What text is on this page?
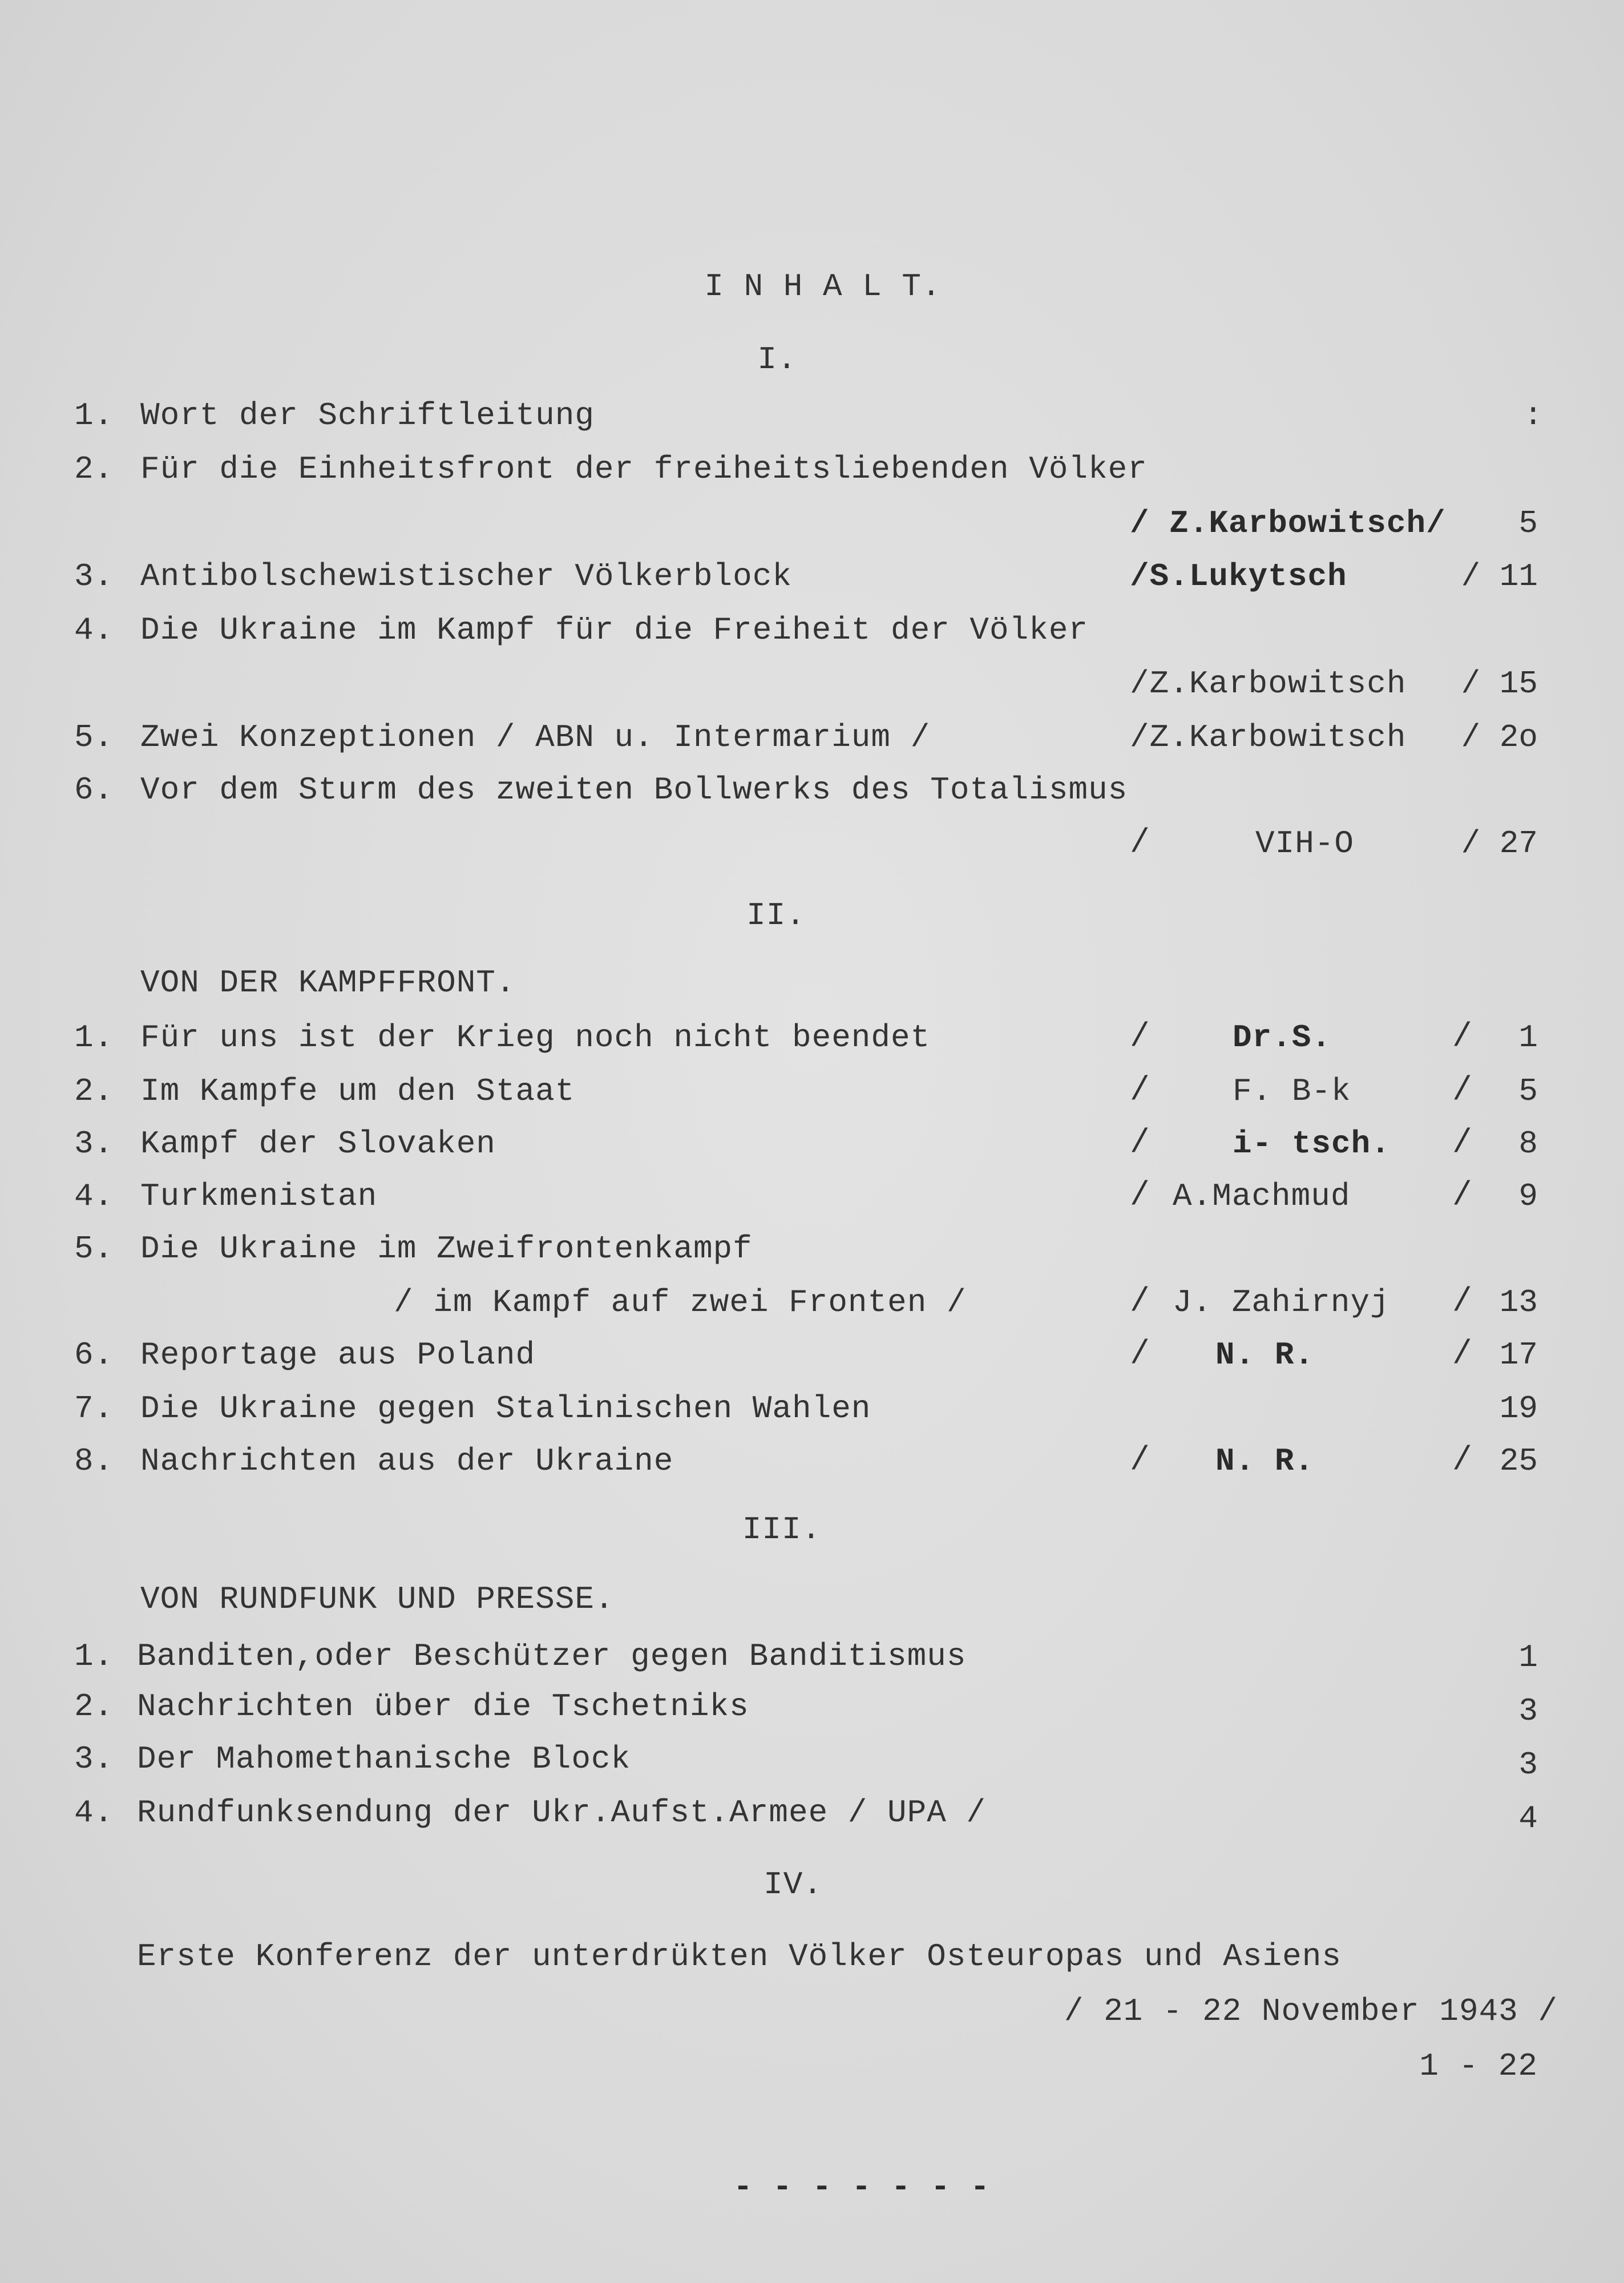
I N H A L T.
I.
1. Wort der Schriftleitung	:
2. Für die Einheitsfront der freiheitsliebenden Völker
/ Z.Karbowitsch/ 5
3. Antibolschewistischer Völkerblock	/S.Lukytsch	/ 11
4. Die Ukraine im Kampf für die Freiheit der Völker
/Z.Karbowitsch / 15
5. Zwei Konzeptionen / ABN u. Intermarium /	/Z.Karbowitsch / 2o
6. Vor dem Sturm des zweiten Bollwerks des Totalismus
/	VIH-O	/ 27
II.
VON DER KAMPFFRONT.
1. Für uns ist der Krieg noch nicht beendet	/	Dr.S.	/ 1
2. Im Kampfe um den Staat	/	F. B-k	/ 5
3. Kampf der Slovaken	/	i- tsch. / 8
4. Turkmenistan	/ A.Machmud	/ 9
5. Die Ukraine im Zweifrontenkampf
/ im Kampf auf zwei Fronten /	/ J. Zahirnyj / 13
6. Reportage aus Poland	/ N. R.	/ 17
7. Die Ukraine gegen Stalinischen Wahlen	19
8. Nachrichten aus der Ukraine	/ N. R.	/ 25
III.
VON RUNDFUNK UND PRESSE.
1. Banditen,oder Beschützer gegen Banditismus	1
2. Nachrichten über die Tschetniks	3
3. Der Mahomethanische Block	3
4. Rundfunksendung der Ukr.Aufst.Armee / UPA /	4
IV.
Erste Konferenz der unterdrükten Völker Osteuropas und Asiens
/ 21 - 22 November 1943 /
1 - 22
- - - - - - -
